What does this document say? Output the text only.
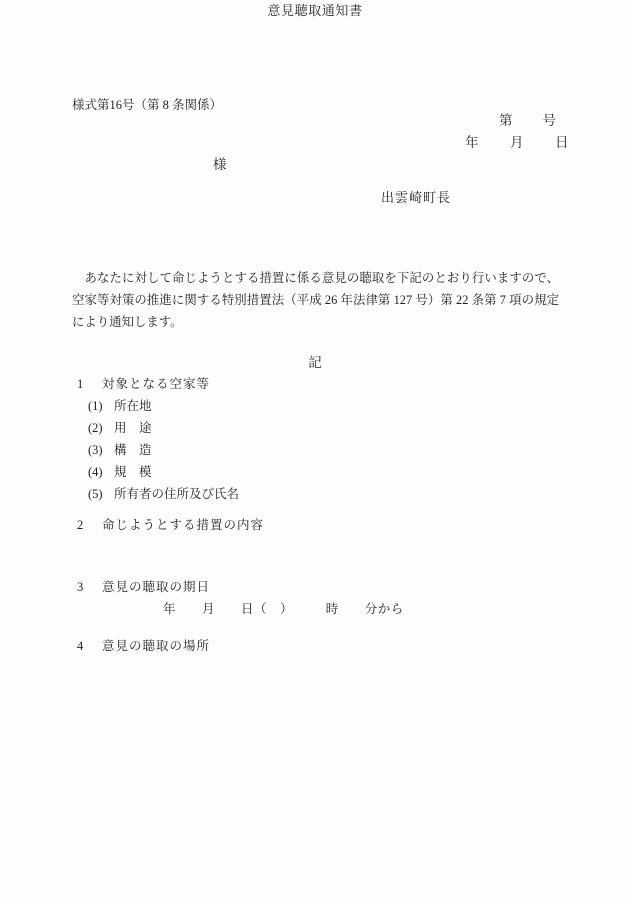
様式第16号（第 8 条関係）
第　　号
年　　月　　日
様
出雲崎町長
意見聴取通知書
　あなたに対して命じようとする措置に係る意見の聴取を下記のとおり行いますので、
空家等対策の推進に関する特別措置法（平成 26 年法律第 127 号）第 22 条第 7 項の規定
により通知します。
記
1	対象となる空家等
(1) 所在地
(2) 用　途
(3) 構　造
(4) 規　模
(5) 所有者の住所及び氏名
2	命じようとする措置の内容
3	意見の聴取の期日
年　　月　　日（　）　　　時　　分から
4	意見の聴取の場所
